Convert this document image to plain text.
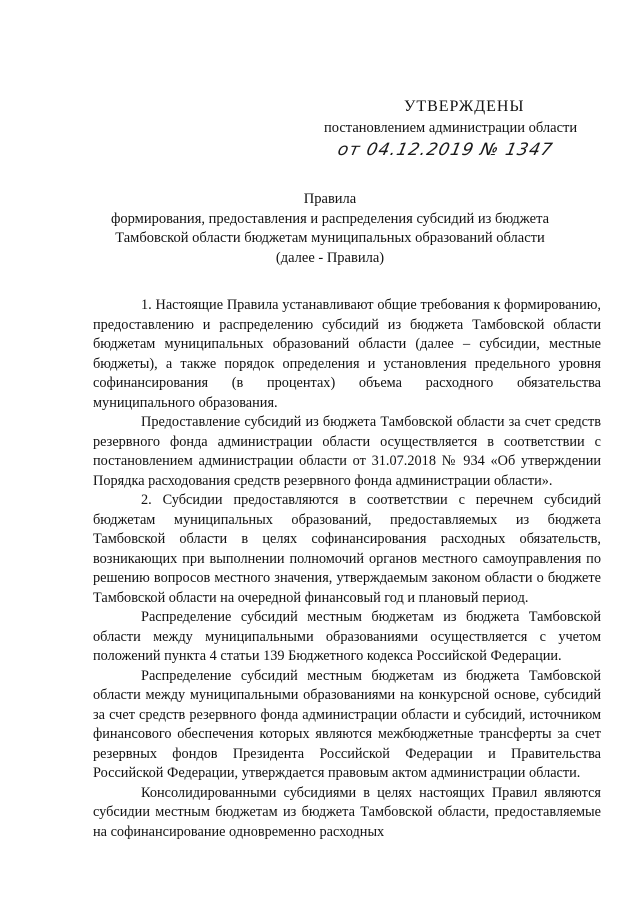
УТВЕРЖДЕНЫ
постановлением администрации области
от 04.12.2019 № 1347
Правила
формирования, предоставления и распределения субсидий из бюджета
Тамбовской области бюджетам муниципальных образований области
(далее - Правила)

1. Настоящие Правила устанавливают общие требования к формированию, предоставлению и распределению субсидий из бюджета Тамбовской области бюджетам муниципальных образований области (далее – субсидии, местные бюджеты), а также порядок определения и установления предельного уровня софинансирования (в процентах) объема расходного обязательства муниципального образования.

Предоставление субсидий из бюджета Тамбовской области за счет средств резервного фонда администрации области осуществляется в соответствии с постановлением администрации области от 31.07.2018 № 934 «Об утверждении Порядка расходования средств резервного фонда администрации области».

2. Субсидии предоставляются в соответствии с перечнем субсидий бюджетам муниципальных образований, предоставляемых из бюджета Тамбовской области в целях софинансирования расходных обязательств, возникающих при выполнении полномочий органов местного самоуправления по решению вопросов местного значения, утверждаемым законом области о бюджете Тамбовской области на очередной финансовый год и плановый период.

Распределение субсидий местным бюджетам из бюджета Тамбовской области между муниципальными образованиями осуществляется с учетом положений пункта 4 статьи 139 Бюджетного кодекса Российской Федерации.

Распределение субсидий местным бюджетам из бюджета Тамбовской области между муниципальными образованиями на конкурсной основе, субсидий за счет средств резервного фонда администрации области и субсидий, источником финансового обеспечения которых являются межбюджетные трансферты за счет резервных фондов Президента Российской Федерации и Правительства Российской Федерации, утверждается правовым актом администрации области.

Консолидированными субсидиями в целях настоящих Правил являются субсидии местным бюджетам из бюджета Тамбовской области, предоставляемые на софинансирование одновременно расходных
